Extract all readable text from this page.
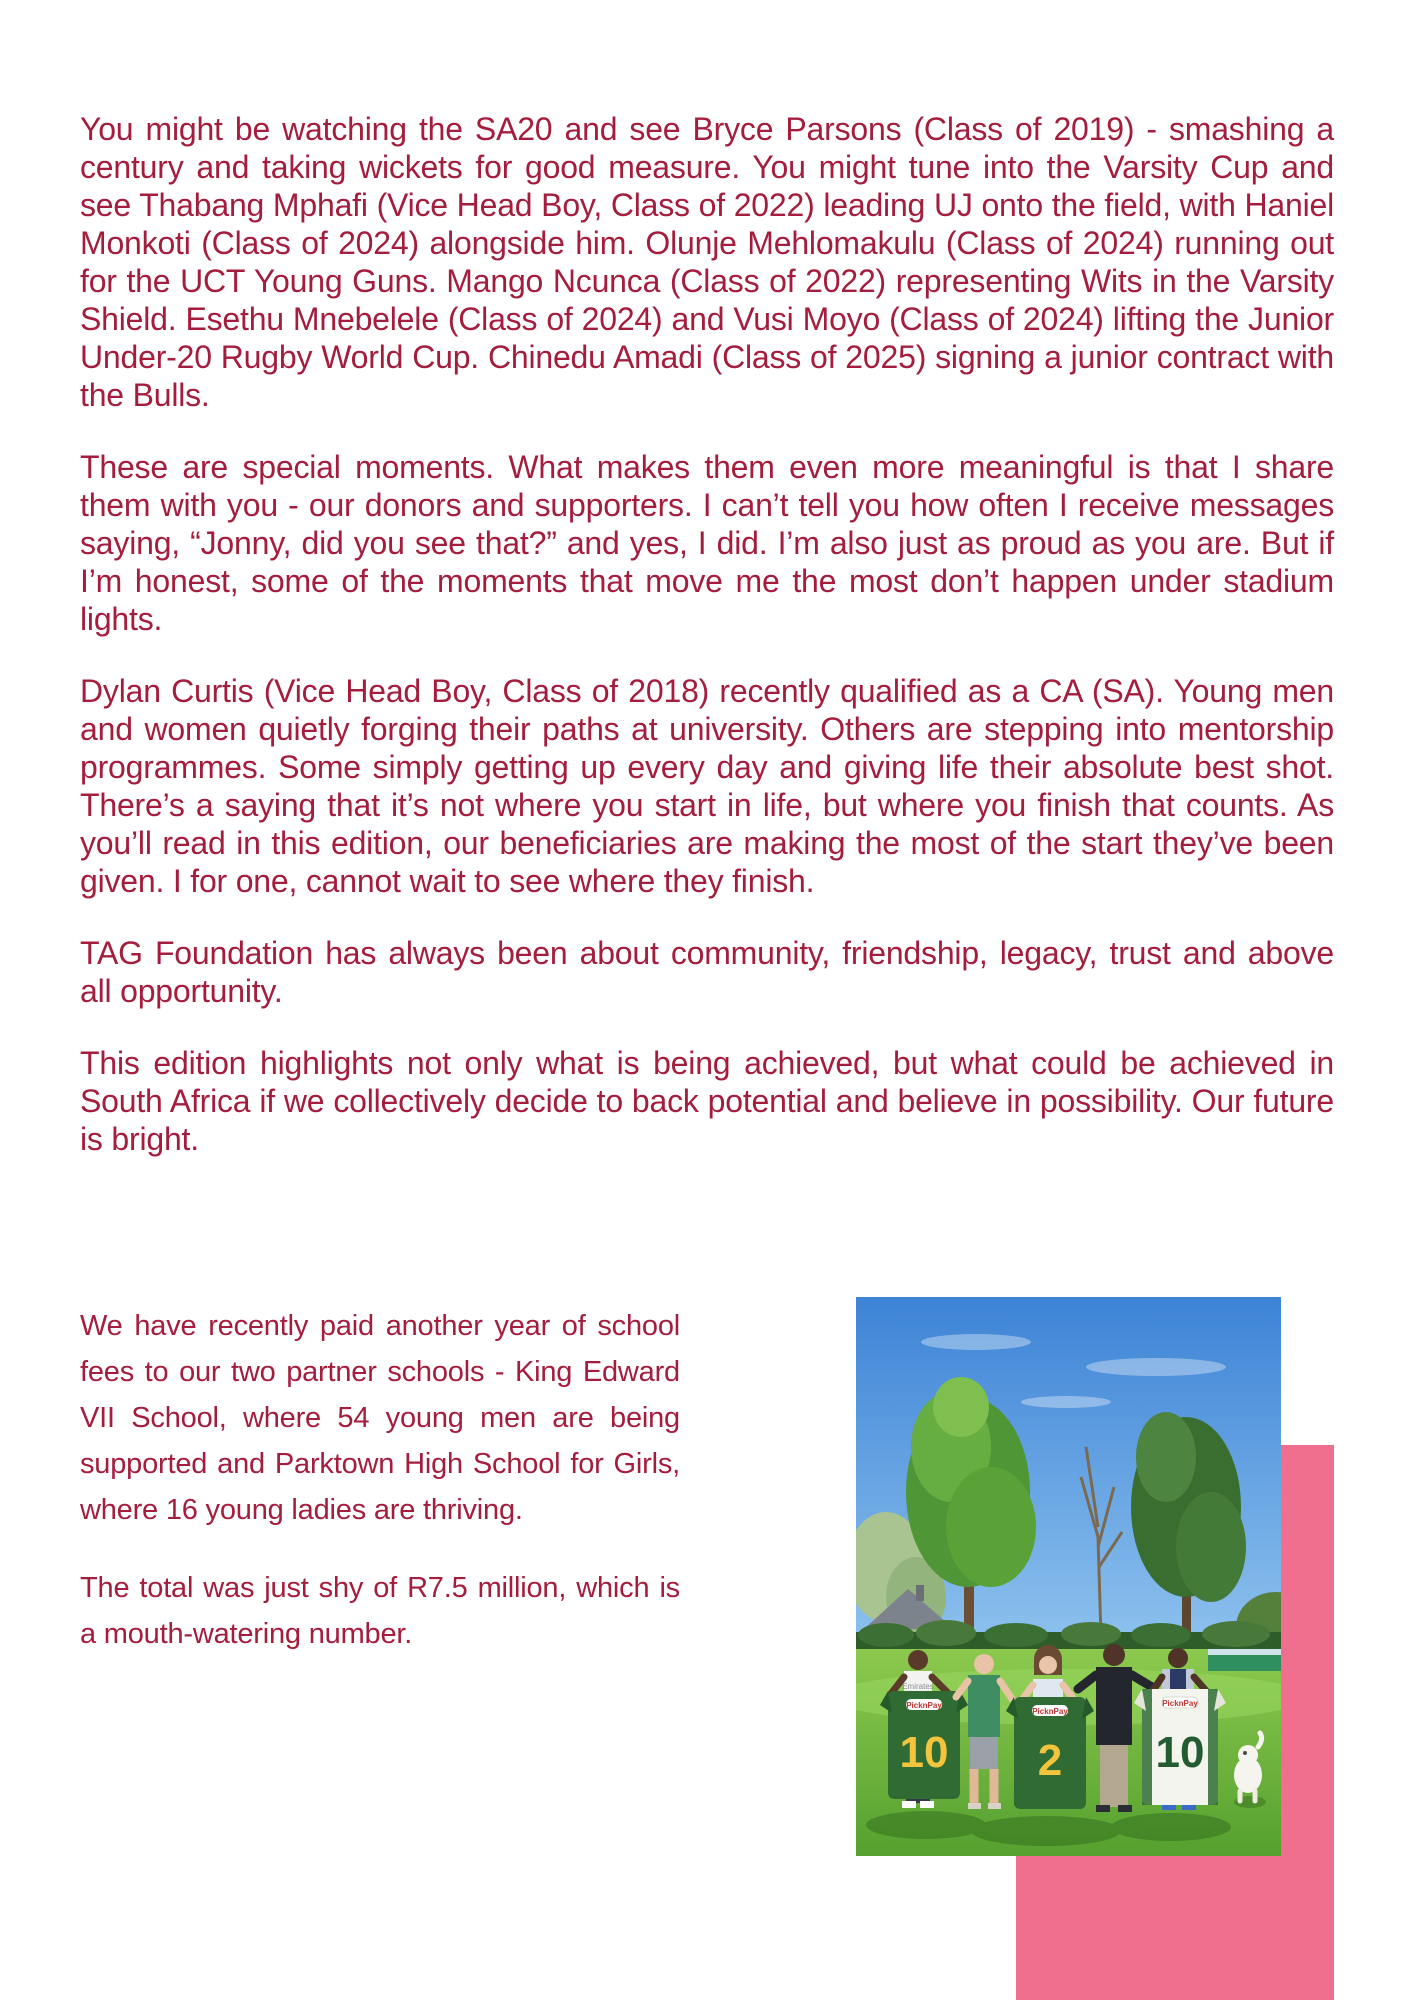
You might be watching the SA20 and see Bryce Parsons (Class of 2019) - smashing a century and taking wickets for good measure. You might tune into the Varsity Cup and see Thabang Mphafi (Vice Head Boy, Class of 2022) leading UJ onto the field, with Haniel Monkoti (Class of 2024) alongside him. Olunje Mehlomakulu (Class of 2024) running out for the UCT Young Guns. Mango Ncunca (Class of 2022) representing Wits in the Varsity Shield. Esethu Mnebelele (Class of 2024) and Vusi Moyo (Class of 2024) lifting the Junior Under-20 Rugby World Cup. Chinedu Amadi (Class of 2025) signing a junior contract with the Bulls.

These are special moments. What makes them even more meaningful is that I share them with you - our donors and supporters. I can’t tell you how often I receive messages saying, “Jonny, did you see that?” and yes, I did. I’m also just as proud as you are. But if I’m honest, some of the moments that move me the most don’t happen under stadium lights.

Dylan Curtis (Vice Head Boy, Class of 2018) recently qualified as a CA (SA). Young men and women quietly forging their paths at university. Others are stepping into mentorship programmes. Some simply getting up every day and giving life their absolute best shot. There’s a saying that it’s not where you start in life, but where you finish that counts. As you’ll read in this edition, our beneficiaries are making the most of the start they’ve been given. I for one, cannot wait to see where they finish.

TAG Foundation has always been about community, friendship, legacy, trust and above all opportunity.

This edition highlights not only what is being achieved, but what could be achieved in South Africa if we collectively decide to back potential and believe in possibility. Our future is bright.

We have recently paid another year of school fees to our two partner schools - King Edward VII School, where 54 young men are being supported and Parktown High School for Girls, where 16 young ladies are thriving.

The total was just shy of R7.5 million, which is a mouth-watering number.

Emirates
PicknPay
10
PicknPay
2
PicknPay
10
